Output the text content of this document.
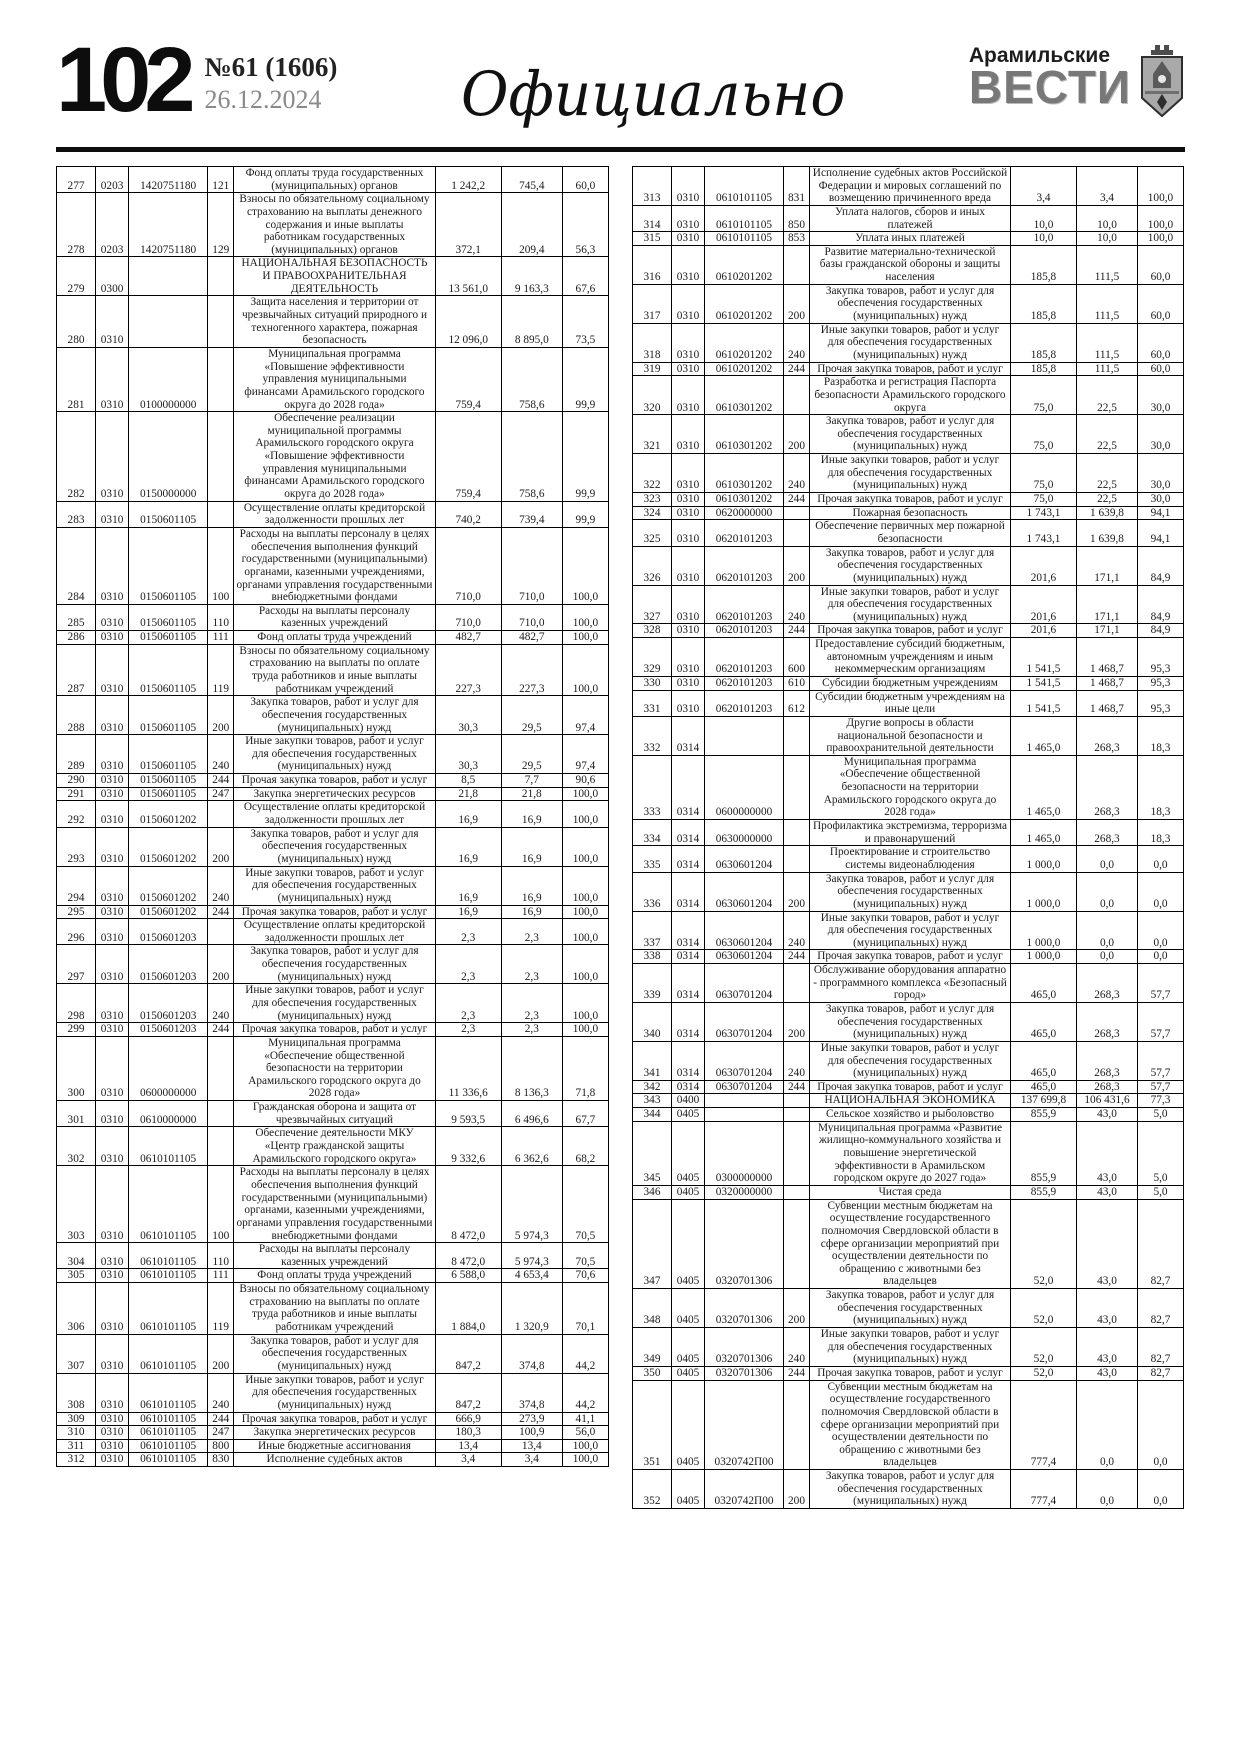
102 №61 (1606)
26.12.2024	Официально
Арамильские
ВЕСТИ
277	0203	1420751180	121	Фонд оплаты труда государственных (муниципальных) органов	1 242,2	745,4	60,0
278	0203	1420751180	129	Взносы по обязательному социальному страхованию на выплаты денежного содержания и иные выплаты работникам государственных (муниципальных) органов	372,1	209,4	56,3
279	0300			НАЦИОНАЛЬНАЯ БЕЗОПАСНОСТЬ И ПРАВООХРАНИТЕЛЬНАЯ ДЕЯТЕЛЬНОСТЬ	13 561,0	9 163,3	67,6
280	0310			Защита населения и территории от чрезвычайных ситуаций природного и техногенного характера, пожарная безопасность	12 096,0	8 895,0	73,5
281	0310	0100000000		Муниципальная программа «Повышение эффективности управления муниципальными финансами Арамильского городского округа до 2028 года»	759,4	758,6	99,9
282	0310	0150000000		Обеспечение реализации муниципальной программы Арамильского городского округа «Повышение эффективности управления муниципальными финансами Арамильского городского округа до 2028 года»	759,4	758,6	99,9
283	0310	0150601105		Осуществление оплаты кредиторской задолженности прошлых лет	740,2	739,4	99,9
284	0310	0150601105	100	Расходы на выплаты персоналу в целях обеспечения выполнения функций государственными (муниципальными) органами, казенными учреждениями, органами управления государственными внебюджетными фондами	710,0	710,0	100,0
285	0310	0150601105	110	Расходы на выплаты персоналу казенных учреждений	710,0	710,0	100,0
286	0310	0150601105	111	Фонд оплаты труда учреждений	482,7	482,7	100,0
287	0310	0150601105	119	Взносы по обязательному социальному страхованию на выплаты по оплате труда работников и иные выплаты работникам учреждений	227,3	227,3	100,0
288	0310	0150601105	200	Закупка товаров, работ и услуг для обеспечения государственных (муниципальных) нужд	30,3	29,5	97,4
289	0310	0150601105	240	Иные закупки товаров, работ и услуг для обеспечения государственных (муниципальных) нужд	30,3	29,5	97,4
290	0310	0150601105	244	Прочая закупка товаров, работ и услуг	8,5	7,7	90,6
291	0310	0150601105	247	Закупка энергетических ресурсов	21,8	21,8	100,0
292	0310	0150601202		Осуществление оплаты кредиторской задолженности прошлых лет	16,9	16,9	100,0
293	0310	0150601202	200	Закупка товаров, работ и услуг для обеспечения государственных (муниципальных) нужд	16,9	16,9	100,0
294	0310	0150601202	240	Иные закупки товаров, работ и услуг для обеспечения государственных (муниципальных) нужд	16,9	16,9	100,0
295	0310	0150601202	244	Прочая закупка товаров, работ и услуг	16,9	16,9	100,0
296	0310	0150601203		Осуществление оплаты кредиторской задолженности прошлых лет	2,3	2,3	100,0
297	0310	0150601203	200	Закупка товаров, работ и услуг для обеспечения государственных (муниципальных) нужд	2,3	2,3	100,0
298	0310	0150601203	240	Иные закупки товаров, работ и услуг для обеспечения государственных (муниципальных) нужд	2,3	2,3	100,0
299	0310	0150601203	244	Прочая закупка товаров, работ и услуг	2,3	2,3	100,0
300	0310	0600000000		Муниципальная программа «Обеспечение общественной безопасности на территории Арамильского городского округа до 2028 года»	11 336,6	8 136,3	71,8
301	0310	0610000000		Гражданская оборона и защита от чрезвычайных ситуаций	9 593,5	6 496,6	67,7
302	0310	0610101105		Обеспечение деятельности МКУ «Центр гражданской защиты Арамильского городского округа»	9 332,6	6 362,6	68,2
303	0310	0610101105	100	Расходы на выплаты персоналу в целях обеспечения выполнения функций государственными (муниципальными) органами, казенными учреждениями, органами управления государственными внебюджетными фондами	8 472,0	5 974,3	70,5
304	0310	0610101105	110	Расходы на выплаты персоналу казенных учреждений	8 472,0	5 974,3	70,5
305	0310	0610101105	111	Фонд оплаты труда учреждений	6 588,0	4 653,4	70,6
306	0310	0610101105	119	Взносы по обязательному социальному страхованию на выплаты по оплате труда работников и иные выплаты работникам учреждений	1 884,0	1 320,9	70,1
307	0310	0610101105	200	Закупка товаров, работ и услуг для обеспечения государственных (муниципальных) нужд	847,2	374,8	44,2
308	0310	0610101105	240	Иные закупки товаров, работ и услуг для обеспечения государственных (муниципальных) нужд	847,2	374,8	44,2
309	0310	0610101105	244	Прочая закупка товаров, работ и услуг	666,9	273,9	41,1
310	0310	0610101105	247	Закупка энергетических ресурсов	180,3	100,9	56,0
311	0310	0610101105	800	Иные бюджетные ассигнования	13,4	13,4	100,0
312	0310	0610101105	830	Исполнение судебных актов	3,4	3,4	100,0
313	0310	0610101105	831	Исполнение судебных актов Российской Федерации и мировых соглашений по возмещению причиненного вреда	3,4	3,4	100,0
314	0310	0610101105	850	Уплата налогов, сборов и иных платежей	10,0	10,0	100,0
315	0310	0610101105	853	Уплата иных платежей	10,0	10,0	100,0
316	0310	0610201202		Развитие материально-технической базы гражданской обороны и защиты населения	185,8	111,5	60,0
317	0310	0610201202	200	Закупка товаров, работ и услуг для обеспечения государственных (муниципальных) нужд	185,8	111,5	60,0
318	0310	0610201202	240	Иные закупки товаров, работ и услуг для обеспечения государственных (муниципальных) нужд	185,8	111,5	60,0
319	0310	0610201202	244	Прочая закупка товаров, работ и услуг	185,8	111,5	60,0
320	0310	0610301202		Разработка и регистрация Паспорта безопасности Арамильского городского округа	75,0	22,5	30,0
321	0310	0610301202	200	Закупка товаров, работ и услуг для обеспечения государственных (муниципальных) нужд	75,0	22,5	30,0
322	0310	0610301202	240	Иные закупки товаров, работ и услуг для обеспечения государственных (муниципальных) нужд	75,0	22,5	30,0
323	0310	0610301202	244	Прочая закупка товаров, работ и услуг	75,0	22,5	30,0
324	0310	0620000000		Пожарная безопасность	1 743,1	1 639,8	94,1
325	0310	0620101203		Обеспечение первичных мер пожарной безопасности	1 743,1	1 639,8	94,1
326	0310	0620101203	200	Закупка товаров, работ и услуг для обеспечения государственных (муниципальных) нужд	201,6	171,1	84,9
327	0310	0620101203	240	Иные закупки товаров, работ и услуг для обеспечения государственных (муниципальных) нужд	201,6	171,1	84,9
328	0310	0620101203	244	Прочая закупка товаров, работ и услуг	201,6	171,1	84,9
329	0310	0620101203	600	Предоставление субсидий бюджетным, автономным учреждениям и иным некоммерческим организациям	1 541,5	1 468,7	95,3
330	0310	0620101203	610	Субсидии бюджетным учреждениям	1 541,5	1 468,7	95,3
331	0310	0620101203	612	Субсидии бюджетным учреждениям на иные цели	1 541,5	1 468,7	95,3
332	0314			Другие вопросы в области национальной безопасности и правоохранительной деятельности	1 465,0	268,3	18,3
333	0314	0600000000		Муниципальная программа «Обеспечение общественной безопасности на территории Арамильского городского округа до 2028 года»	1 465,0	268,3	18,3
334	0314	0630000000		Профилактика экстремизма, терроризма и правонарушений	1 465,0	268,3	18,3
335	0314	0630601204		Проектирование и строительство системы видеонаблюдения	1 000,0	0,0	0,0
336	0314	0630601204	200	Закупка товаров, работ и услуг для обеспечения государственных (муниципальных) нужд	1 000,0	0,0	0,0
337	0314	0630601204	240	Иные закупки товаров, работ и услуг для обеспечения государственных (муниципальных) нужд	1 000,0	0,0	0,0
338	0314	0630601204	244	Прочая закупка товаров, работ и услуг	1 000,0	0,0	0,0
339	0314	0630701204		Обслуживание оборудования аппаратно - программного комплекса «Безопасный город»	465,0	268,3	57,7
340	0314	0630701204	200	Закупка товаров, работ и услуг для обеспечения государственных (муниципальных) нужд	465,0	268,3	57,7
341	0314	0630701204	240	Иные закупки товаров, работ и услуг для обеспечения государственных (муниципальных) нужд	465,0	268,3	57,7
342	0314	0630701204	244	Прочая закупка товаров, работ и услуг	465,0	268,3	57,7
343	0400			НАЦИОНАЛЬНАЯ ЭКОНОМИКА	137 699,8	106 431,6	77,3
344	0405			Сельское хозяйство и рыболовство	855,9	43,0	5,0
345	0405	0300000000		Муниципальная программа «Развитие жилищно-коммунального хозяйства и повышение энергетической эффективности в Арамильском городском округе до 2027 года»	855,9	43,0	5,0
346	0405	0320000000		Чистая среда	855,9	43,0	5,0
347	0405	0320701306		Субвенции местным бюджетам на осуществление государственного полномочия Свердловской области в сфере организации мероприятий при осуществлении деятельности по обращению с животными без владельцев	52,0	43,0	82,7
348	0405	0320701306	200	Закупка товаров, работ и услуг для обеспечения государственных (муниципальных) нужд	52,0	43,0	82,7
349	0405	0320701306	240	Иные закупки товаров, работ и услуг для обеспечения государственных (муниципальных) нужд	52,0	43,0	82,7
350	0405	0320701306	244	Прочая закупка товаров, работ и услуг	52,0	43,0	82,7
351	0405	0320742П00		Субвенции местным бюджетам на осуществление государственного полномочия Свердловской области в сфере организации мероприятий при осуществлении деятельности по обращению с животными без владельцев	777,4	0,0	0,0
352	0405	0320742П00	200	Закупка товаров, работ и услуг для обеспечения государственных (муниципальных) нужд	777,4	0,0	0,0
